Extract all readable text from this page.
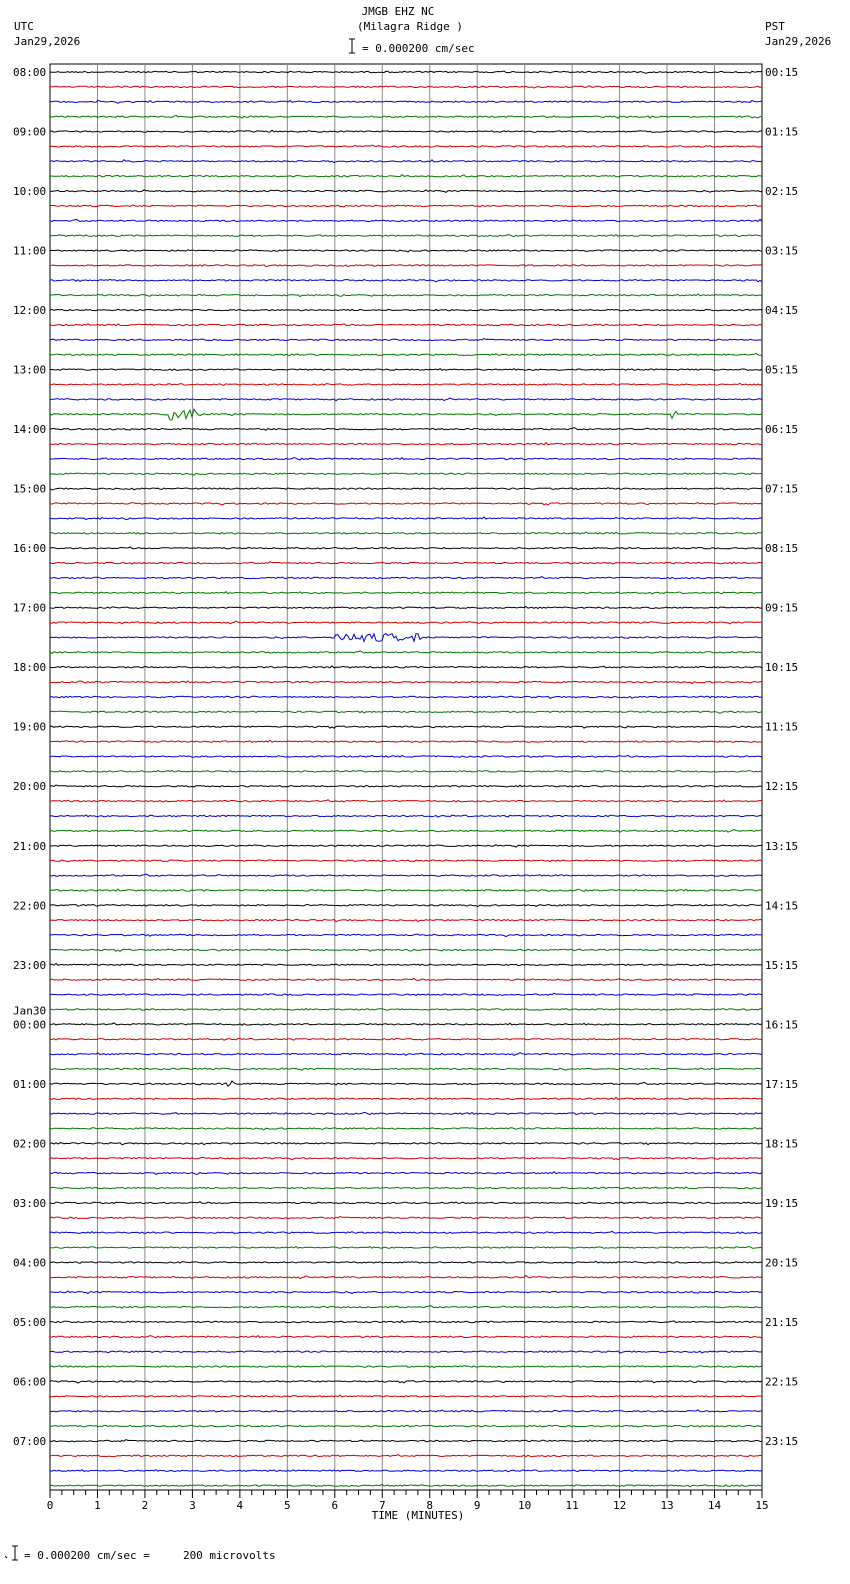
JMGB EHZ NC
(Milagra Ridge )
UTC
Jan29,2026
PST
Jan29,2026
= 0.000200 cm/sec
08:00
09:00
10:00
11:00
12:00
13:00
14:00
15:00
16:00
17:00
18:00
19:00
20:00
21:00
22:00
23:00
00:00
Jan30
01:00
02:00
03:00
04:00
05:00
06:00
07:00
00:15
01:15
02:15
03:15
04:15
05:15
06:15
07:15
08:15
09:15
10:15
11:15
12:15
13:15
14:15
15:15
16:15
17:15
18:15
19:15
20:15
21:15
22:15
23:15
0	1	2	3	4	5	6	7	8	9	10	11	12	13	14	15
TIME (MINUTES)
= 0.000200 cm/sec =     200 microvolts
